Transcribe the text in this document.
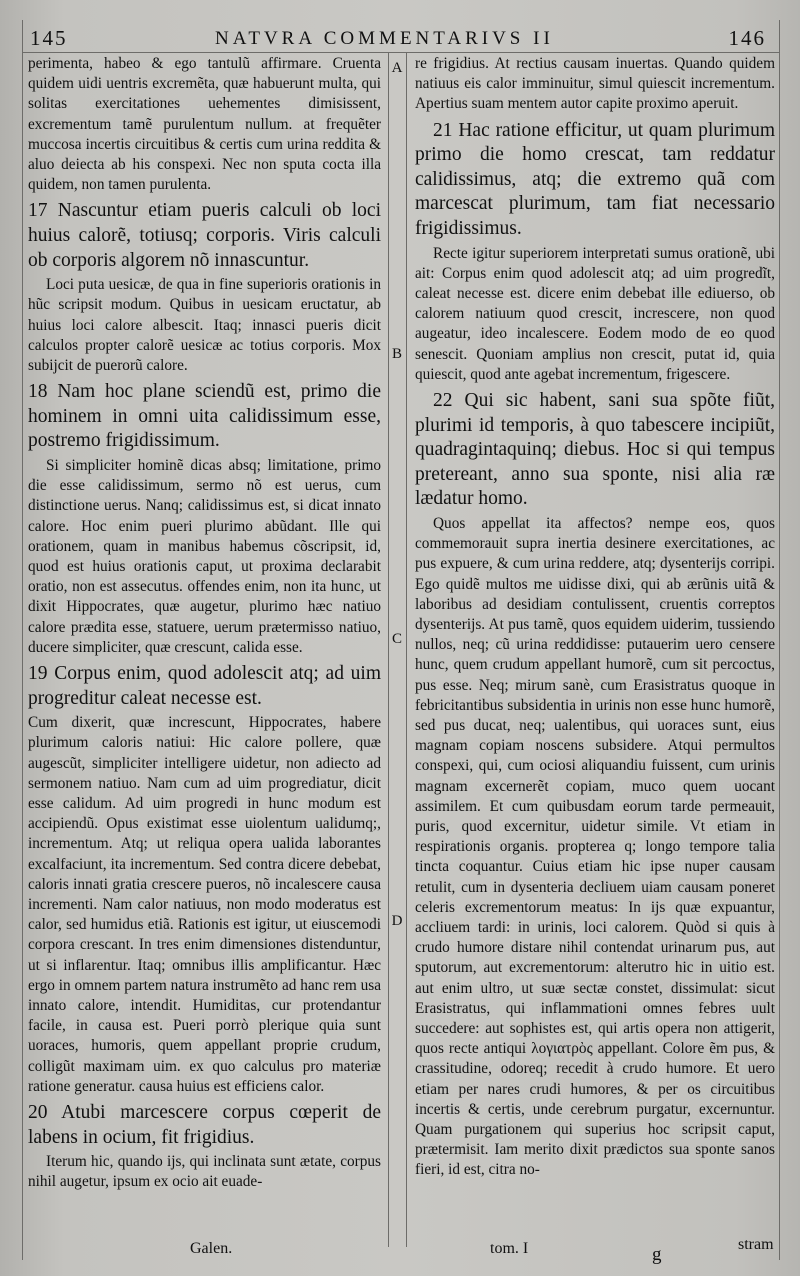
145	NATVRA COMMENTARIVS II	146
A
B
C
D

perimenta, habeo & ego tantulũ affirmare. Cruenta quidem uidi uentris excremẽta, quæ habuerunt multa, qui solitas exercitationes uehementes dimisissent, excrementum tamẽ purulentum nullum. at frequẽter muccosa incertis circuitibus & certis cum urina reddita & aluo deiecta ab his conspexi. Nec non sputa cocta illa quidem, non tamen purulenta.

17 Nascuntur etiam pueris calculi ob loci huius calorẽ, totiusq; corporis. Viris calculi ob corporis algorem nõ innascuntur.

Loci puta uesicæ, de qua in fine superioris orationis in hũc scripsit modum. Quibus in uesicam eructatur, ab huius loci calore albescit. Itaq; innasci pueris dicit calculos propter calorẽ uesicæ ac totius corporis. Mox subijcit de puerorũ calore.

18 Nam hoc plane sciendũ est, primo die hominem in omni uita calidissimum esse, postremo frigidissimum.

Si simpliciter hominẽ dicas absq; limitatione, primo die esse calidissimum, sermo nõ est uerus, cum distinctione uerus. Nanq; calidissimus est, si dicat innato calore. Hoc enim pueri plurimo abũdant. Ille qui orationem, quam in manibus habemus cõscripsit, id, quod est huius orationis caput, ut proxima declarabit oratio, non est assecutus. offendes enim, non ita hunc, ut dixit Hippocrates, quæ augetur, plurimo hæc natiuo calore prædita esse, statuere, uerum prætermisso natiuo, ducere simpliciter, quæ crescunt, calida esse.

19 Corpus enim, quod adolescit atq; ad uim progreditur caleat necesse est.

Cum dixerit, quæ increscunt, Hippocrates, habere plurimum caloris natiui: Hic calore pollere, quæ augescũt, simpliciter intelligere uidetur, non adiecto ad sermonem natiuo. Nam cum ad uim progrediatur, dicit esse calidum. Ad uim progredi in hunc modum est accipiendũ. Opus existimat esse uiolentum ualidumq;, incrementum. Atq; ut reliqua opera ualida laborantes excalfaciunt, ita incrementum. Sed contra dicere debebat, caloris innati gratia crescere pueros, nõ incalescere causa incrementi. Nam calor natiuus, non modo moderatus est calor, sed humidus etiã. Rationis est igitur, ut eiuscemodi corpora crescant. In tres enim dimensiones distenduntur, ut si inflarentur. Itaq; omnibus illis amplificantur. Hæc ergo in omnem partem natura instrumẽto ad hanc rem usa innato calore, intendit. Humiditas, cur protendantur facile, in causa est. Pueri porrò plerique quia sunt uoraces, humoris, quem appellant proprie crudum, colligũt maximam uim. ex quo calculus pro materiæ ratione generatur. causa huius est efficiens calor.

20 Atubi marcescere corpus cœperit de labens in ocium, fit frigidius.

Iterum hic, quando ijs, qui inclinata sunt ætate, corpus nihil augetur, ipsum ex ocio ait euade-

re frigidius. At rectius causam inuertas. Quando quidem natiuus eis calor imminuitur, simul quiescit incrementum. Apertius suam mentem autor capite proximo aperuit.

21 Hac ratione efficitur, ut quam plurimum primo die homo crescat, tam reddatur calidissimus, atq; die extremo quã com marcescat plurimum, tam fiat necessario frigidissimus.

Recte igitur superiorem interpretati sumus orationẽ, ubi ait: Corpus enim quod adolescit atq; ad uim progredĩt, caleat necesse est. dicere enim debebat ille ediuerso, ob calorem natiuum quod crescit, increscere, non quod augeatur, ideo incalescere. Eodem modo de eo quod senescit. Quoniam amplius non crescit, putat id, quia quiescit, quod ante agebat incrementum, frigescere.

22 Qui sic habent, sani sua spõte fiũt, plurimi id temporis, à quo tabescere incipiũt, quadragintaquinq; diebus. Hoc si qui tempus pretereant, anno sua sponte, nisi alia ræ lædatur homo.

Quos appellat ita affectos? nempe eos, quos commemorauit supra inertia desinere exercitationes, ac pus expuere, & cum urina reddere, atq; dysenterijs corripi. Ego quidẽ multos me uidisse dixi, qui ab ærũnis uitã & laboribus ad desidiam contulissent, cruentis correptos dysenterijs. At pus tamẽ, quos equidem uiderim, tussiendo nullos, neq; cũ urina reddidisse: putauerim uero censere hunc, quem crudum appellant humorẽ, cum sit percoctus, pus esse. Neq; mirum sanè, cum Erasistratus quoque in febricitantibus subsidentia in urinis non esse hunc humorẽ, sed pus ducat, neq; ualentibus, qui uoraces sunt, eius magnam copiam noscens subsidere. Atqui permultos conspexi, qui, cum ociosi aliquandiu fuissent, cum urinis magnam excernerẽt copiam, muco quem uocant assimilem. Et cum quibusdam eorum tarde permeauit, puris, quod excernitur, uidetur simile. Vt etiam in respirationis organis. propterea q; longo tempore talia tincta coquantur. Cuius etiam hic ipse nuper causam retulit, cum in dysenteria decliuem uiam causam poneret celeris excrementorum meatus: In ijs quæ expuantur, accliuem tardi: in urinis, loci calorem. Quòd si quis à crudo humore distare nihil contendat urinarum pus, aut sputorum, aut excrementorum: alterutro hic in uitio est. aut enim ultro, ut suæ sectæ constet, dissimulat: sicut Erasistratus, qui inflammationi omnes febres uult succedere: aut sophistes est, qui artis opera non attigerit, quos recte antiqui λογιατρὸς appellant. Colore ẽm pus, & crassitudine, odoreq; recedit à crudo humore. Et uero etiam per nares crudi humores, & per os circuitibus incertis & certis, unde cerebrum purgatur, excernuntur. Quam purgationem qui superius hoc scripsit caput, prætermisit. Iam merito dixit prædictos sua sponte sanos fieri, id est, citra no-

Galen.	tom. I	g	stram
